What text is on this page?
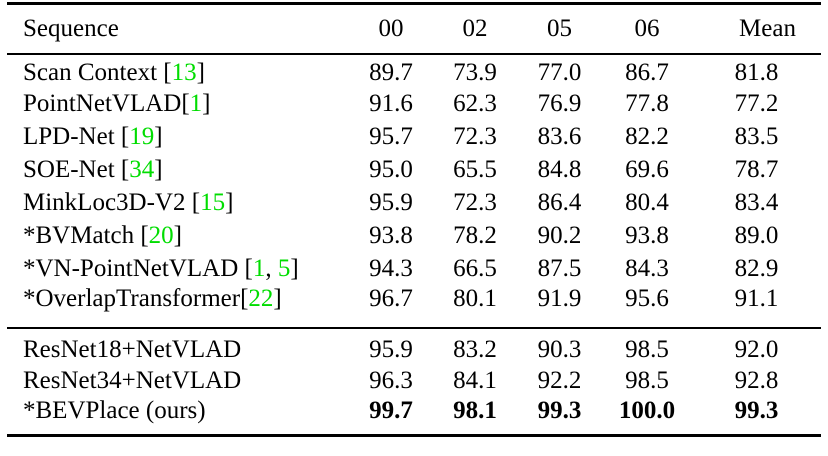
Sequence	00	02	05	06	Mean
Scan Context [13]	89.7	73.9	77.0	86.7	81.8
PointNetVLAD[1]	91.6	62.3	76.9	77.8	77.2
LPD-Net [19]	95.7	72.3	83.6	82.2	83.5
SOE-Net [34]	95.0	65.5	84.8	69.6	78.7
MinkLoc3D-V2 [15]	95.9	72.3	86.4	80.4	83.4
*BVMatch [20]	93.8	78.2	90.2	93.8	89.0
*VN-PointNetVLAD [1, 5]	94.3	66.5	87.5	84.3	82.9
*OverlapTransformer[22]	96.7	80.1	91.9	95.6	91.1
ResNet18+NetVLAD	95.9	83.2	90.3	98.5	92.0
ResNet34+NetVLAD	96.3	84.1	92.2	98.5	92.8
*BEVPlace (ours)	99.7	98.1	99.3	100.0	99.3
